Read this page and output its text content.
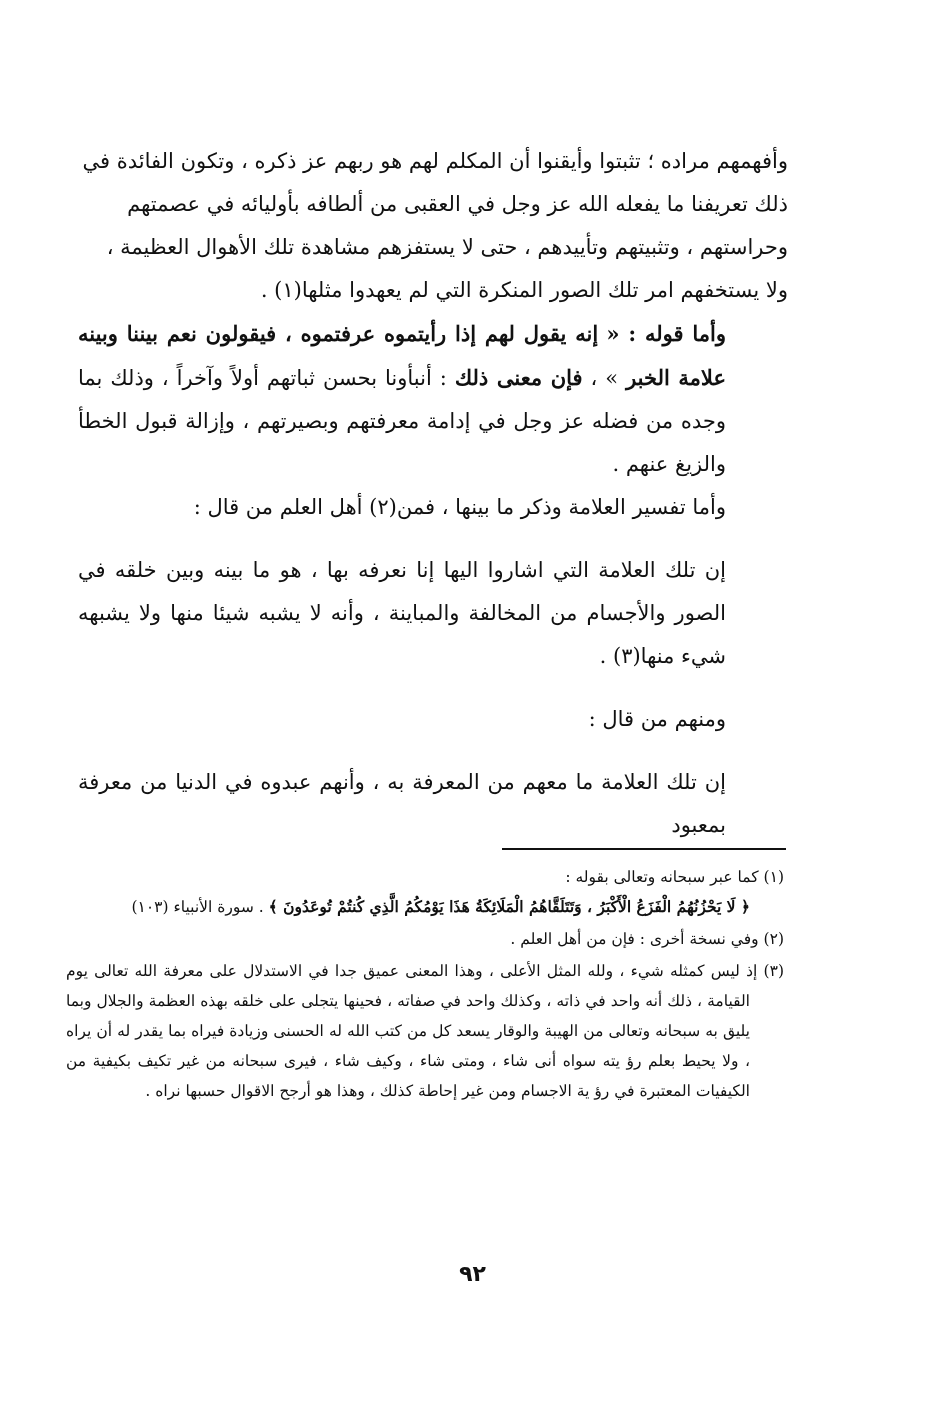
وأفهمهم مراده ؛ تثبتوا وأيقنوا أن المكلم لهم هو ربهم عز ذكره ، وتكون الفائدة في ذلك تعريفنا ما يفعله الله عز وجل في العقبى من ألطافه بأوليائه في عصمتهم وحراستهم ، وتثبيتهم وتأييدهم ، حتى لا يستفزهم مشاهدة تلك الأهوال العظيمة ، ولا يستخفهم امر تلك الصور المنكرة التي لم يعهدوا مثلها(١) .

وأما قوله : « إنه يقول لهم إذا رأيتموه عرفتموه ، فيقولون نعم بيننا وبينه علامة الخبر » ، فإن معنى ذلك : أنبأونا بحسن ثباتهم أولاً وآخراً ، وذلك بما وجده من فضله عز وجل في إدامة معرفتهم وبصيرتهم ، وإزالة قبول الخطأ والزيغ عنهم .

وأما تفسير العلامة وذكر ما بينها ، فمن(٢) أهل العلم من قال :

إن تلك العلامة التي اشاروا اليها إنا نعرفه بها ، هو ما بينه وبين خلقه في الصور والأجسام من المخالفة والمباينة ، وأنه لا يشبه شيئا منها ولا يشبهه شيء منها(٣) .

ومنهم من قال :

إن تلك العلامة ما معهم من المعرفة به ، وأنهم عبدوه في الدنيا من معرفة بمعبود

(١) كما عبر سبحانه وتعالى بقوله :
﴿ لَا يَحْزُنُهُمُ الْفَزَعُ الْأَكْبَرُ ، وَتَتَلَقَّاهُمُ الْمَلَائِكَةُ هَذَا يَوْمُكُمُ الَّذِي كُنتُمْ تُوعَدُونَ ﴾ . سورة الأنبياء (١٠٣)

(٢) وفي نسخة أخرى : فإن من أهل العلم .

(٣) إذ ليس كمثله شيء ، ولله المثل الأعلى ، وهذا المعنى عميق جدا في الاستدلال على معرفة الله تعالى يوم القيامة ، ذلك أنه واحد في ذاته ، وكذلك واحد في صفاته ، فحينها يتجلى على خلقه بهذه العظمة والجلال وبما يليق به سبحانه وتعالى من الهيبة والوقار يسعد كل من كتب الله له الحسنى وزيادة فيراه بما يقدر له أن يراه ، ولا يحيط بعلم رؤ يته سواه أنى شاء ، ومتى شاء ، وكيف شاء ، فيرى سبحانه من غير تكيف بكيفية من الكيفيات المعتبرة في رؤ ية الاجسام ومن غير إحاطة كذلك ، وهذا هو أرجح الاقوال حسبها نراه .

٩٢
